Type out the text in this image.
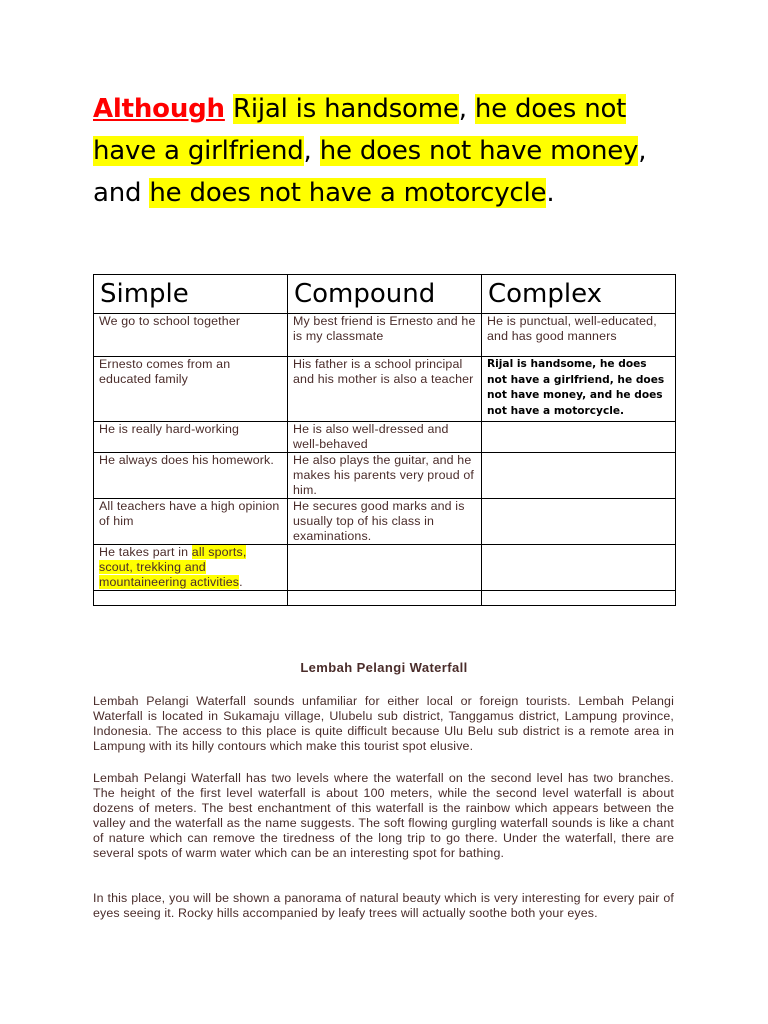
Although Rijal is handsome, he does not have a girlfriend, he does not have money, and he does not have a motorcycle.
Simple	Compound	Complex
We go to school together	My best friend is Ernesto and he is my classmate	He is punctual, well-educated, and has good manners
Ernesto comes from an educated family	His father is a school principal and his mother is also a teacher	Rijal is handsome, he does not have a girlfriend, he does not have money, and he does not have a motorcycle.
He is really hard-working	He is also well-dressed and well-behaved	
He always does his homework.	He also plays the guitar, and he makes his parents very proud of him.	
All teachers have a high opinion of him	He secures good marks and is usually top of his class in examinations.	
He takes part in all sports, scout, trekking and mountaineering activities.		

Lembah Pelangi Waterfall

Lembah Pelangi Waterfall sounds unfamiliar for either local or foreign tourists. Lembah Pelangi Waterfall is located in Sukamaju village, Ulubelu sub district, Tanggamus district, Lampung province, Indonesia. The access to this place is quite difficult because Ulu Belu sub district is a remote area in Lampung with its hilly contours which make this tourist spot elusive.

Lembah Pelangi Waterfall has two levels where the waterfall on the second level has two branches. The height of the first level waterfall is about 100 meters, while the second level waterfall is about dozens of meters. The best enchantment of this waterfall is the rainbow which appears between the valley and the waterfall as the name suggests. The soft flowing gurgling waterfall sounds is like a chant of nature which can remove the tiredness of the long trip to go there. Under the waterfall, there are several spots of warm water which can be an interesting spot for bathing.

In this place, you will be shown a panorama of natural beauty which is very interesting for every pair of eyes seeing it. Rocky hills accompanied by leafy trees will actually soothe both your eyes.
